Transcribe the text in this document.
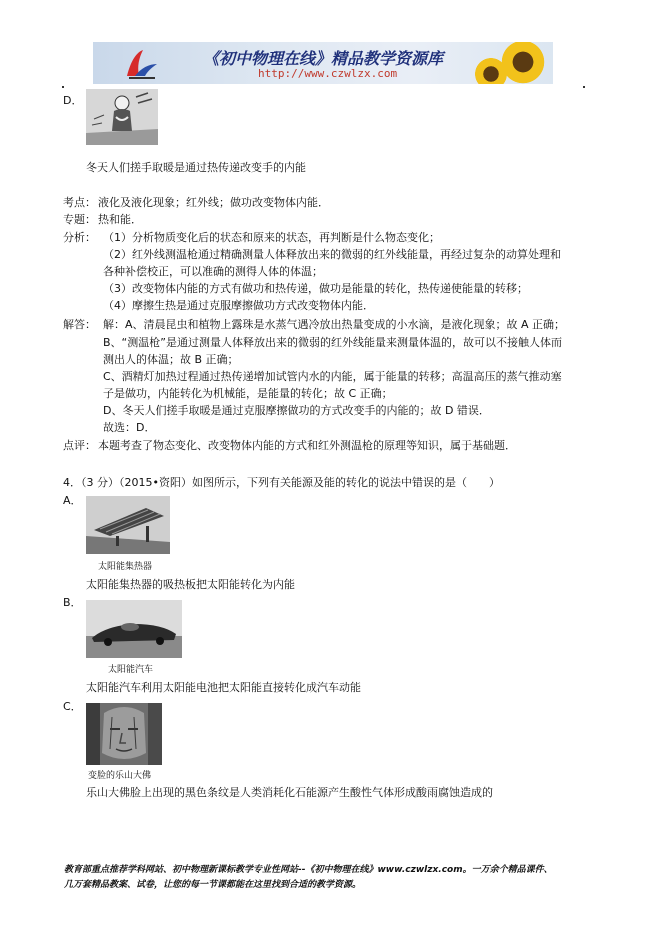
《初中物理在线》精品教学资源库
http://www.czwlzx.com
D．
冬天人们搓手取暖是通过热传递改变手的内能
考点： 液化及液化现象；红外线；做功改变物体内能．
专题： 热和能．
分析： （1）分析物质变化后的状态和原来的状态，再判断是什么物态变化；
（2）红外线测温枪通过精确测量人体释放出来的微弱的红外线能量，再经过复杂的动算处理和
各种补偿校正，可以准确的测得人体的体温；
（3）改变物体内能的方式有做功和热传递，做功是能量的转化，热传递使能量的转移；
（4）摩擦生热是通过克服摩擦做功方式改变物体内能．
解答： 解：A、清晨昆虫和植物上露珠是水蒸气遇冷放出热量变成的小水滴，是液化现象；故 A 正确；
B、“测温枪”是通过测量人体释放出来的微弱的红外线能量来测量体温的，故可以不接触人体而
测出人的体温；故 B 正确；
C、酒精灯加热过程通过热传递增加试管内水的内能，属于能量的转移；高温高压的蒸气推动塞
子是做功，内能转化为机械能，是能量的转化；故 C 正确；
D、冬天人们搓手取暖是通过克服摩擦做功的方式改变手的内能的；故 D 错误．
故选：D．
点评： 本题考查了物态变化、改变物体内能的方式和红外测温枪的原理等知识，属于基础题．
4．（3 分）（2015•资阳）如图所示，下列有关能源及能的转化的说法中错误的是（　　）
A．
太阳能集热器
太阳能集热器的吸热板把太阳能转化为内能
B．
太阳能汽车
太阳能汽车利用太阳能电池把太阳能直接转化成汽车动能
C．
变脸的乐山大佛
乐山大佛脸上出现的黑色条纹是人类消耗化石能源产生酸性气体形成酸雨腐蚀造成的
教育部重点推荐学科网站、初中物理新课标教学专业性网站--《初中物理在线》www.czwlzx.com。一万余个精品课件、
几万套精品教案、试卷，让您的每一节课都能在这里找到合适的教学资源。
